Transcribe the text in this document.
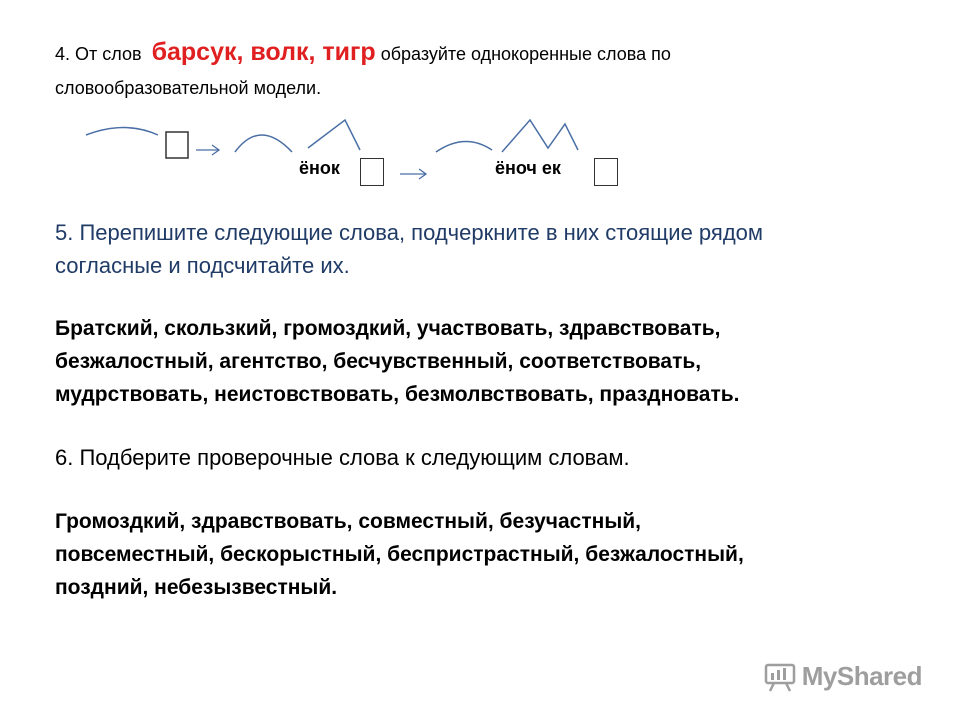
4. От слов барсук, волк, тигр образуйте однокоренные слова по
словообразовательной модели.
ёнок	ёноч ек
5. Перепишите следующие слова, подчеркните в них стоящие рядом
согласные и подсчитайте их.
Братский, скользкий, громоздкий, участвовать, здравствовать,
безжалостный, агентство, бесчувственный, соответствовать,
мудрствовать, неистовствовать, безмолвствовать, праздновать.
6. Подберите проверочные слова к следующим словам.
Громоздкий, здравствовать, совместный, безучастный,
повсеместный, бескорыстный, беспристрастный, безжалостный,
поздний, небезызвестный.
MyShared
